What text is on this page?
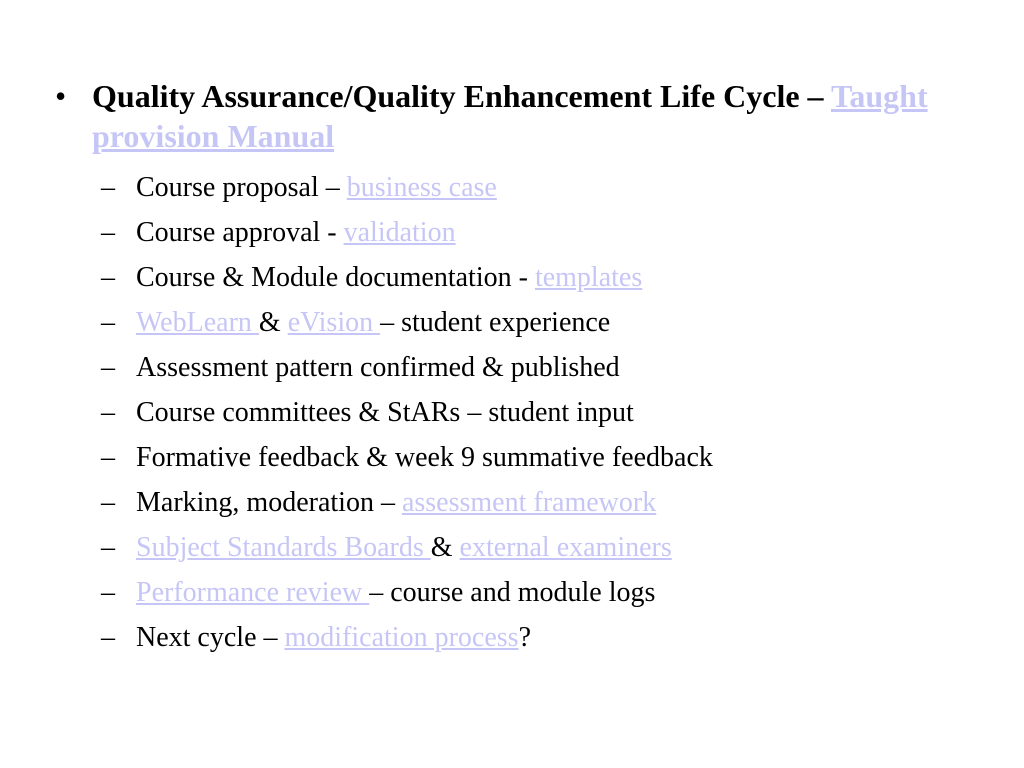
• Quality Assurance/Quality Enhancement Life Cycle – Taught provision Manual
– Course proposal – business case
– Course approval - validation
– Course & Module documentation - templates
– WebLearn & eVision – student experience
– Assessment pattern confirmed & published
– Course committees & StARs – student input
– Formative feedback & week 9 summative feedback
– Marking, moderation – assessment framework
– Subject Standards Boards & external examiners
– Performance review – course and module logs
– Next cycle – modification process?
